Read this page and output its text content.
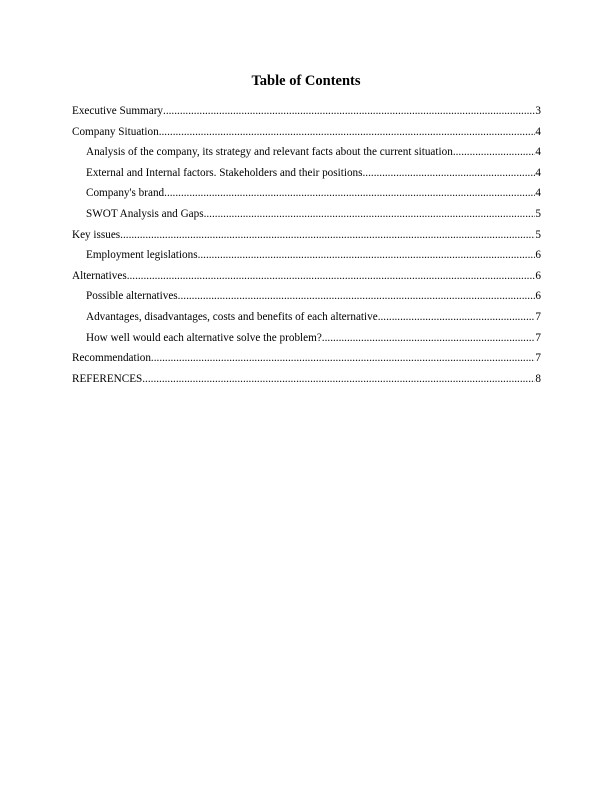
Table of Contents
Executive Summary .....	3
Company Situation .....	4
Analysis of the company, its strategy and relevant facts about the current situation .....	4
External and Internal factors. Stakeholders and their positions .....	4
Company's brand .....	4
SWOT Analysis and Gaps .....	5
Key issues .....	5
Employment legislations .....	6
Alternatives .....	6
Possible alternatives .....	6
Advantages, disadvantages, costs and benefits of each alternative .....	7
How well would each alternative solve the problem? .....	7
Recommendation .....	7
REFERENCES .....	8
